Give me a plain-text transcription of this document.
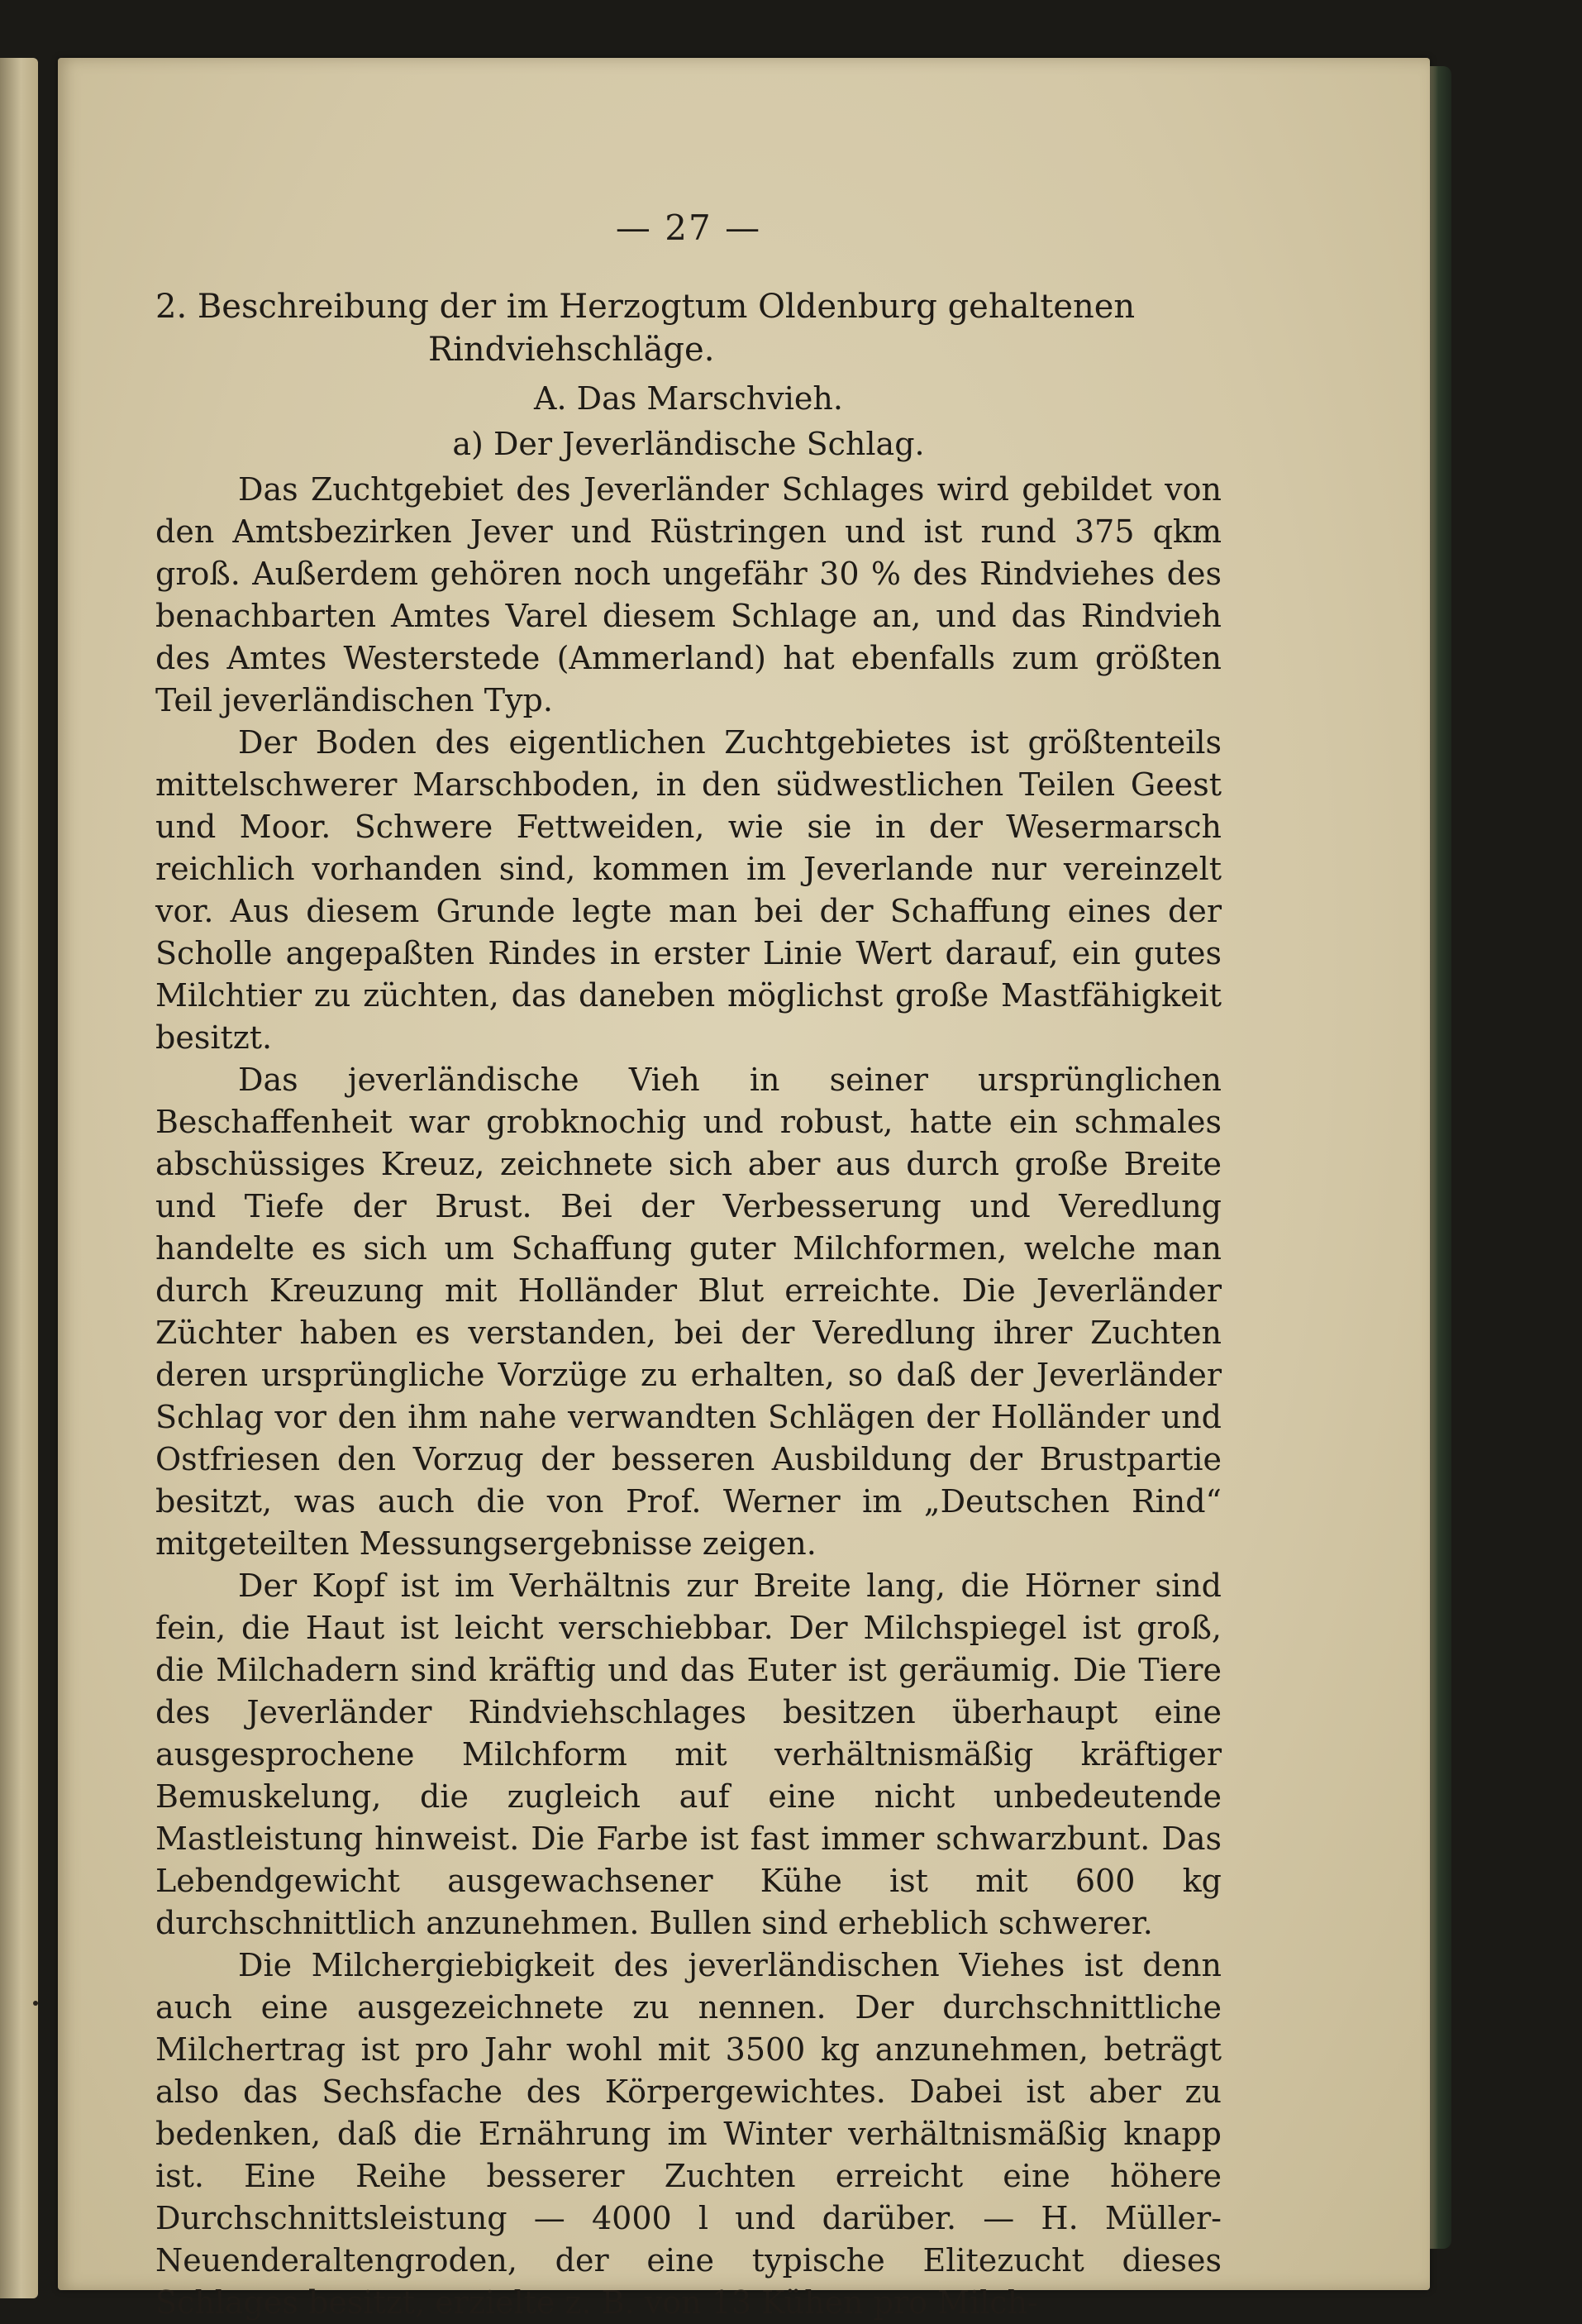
— 27 —
2. Beschreibung der im Herzogtum Oldenburg gehaltenen
Rindviehschläge.
A. Das Marschvieh.
a) Der Jeverländische Schlag.

Das Zuchtgebiet des Jeverländer Schlages wird gebildet von den Amtsbezirken Jever und Rüstringen und ist rund 375 qkm groß. Außerdem gehören noch ungefähr 30 % des Rindviehes des benachbarten Amtes Varel diesem Schlage an, und das Rindvieh des Amtes Westerstede (Ammerland) hat ebenfalls zum größten Teil jeverländischen Typ.

Der Boden des eigentlichen Zuchtgebietes ist größtenteils mittelschwerer Marschboden, in den südwestlichen Teilen Geest und Moor. Schwere Fettweiden, wie sie in der Wesermarsch reichlich vorhanden sind, kommen im Jeverlande nur vereinzelt vor. Aus diesem Grunde legte man bei der Schaffung eines der Scholle angepaßten Rindes in erster Linie Wert darauf, ein gutes Milchtier zu züchten, das daneben möglichst große Mastfähigkeit besitzt.

Das jeverländische Vieh in seiner ursprünglichen Beschaffenheit war grobknochig und robust, hatte ein schmales abschüssiges Kreuz, zeichnete sich aber aus durch große Breite und Tiefe der Brust. Bei der Verbesserung und Veredlung handelte es sich um Schaffung guter Milchformen, welche man durch Kreuzung mit Holländer Blut erreichte. Die Jeverländer Züchter haben es verstanden, bei der Veredlung ihrer Zuchten deren ursprüngliche Vorzüge zu erhalten, so daß der Jeverländer Schlag vor den ihm nahe verwandten Schlägen der Holländer und Ostfriesen den Vorzug der besseren Ausbildung der Brustpartie besitzt, was auch die von Prof. Werner im „Deutschen Rind“ mitgeteilten Messungsergebnisse zeigen.

Der Kopf ist im Verhältnis zur Breite lang, die Hörner sind fein, die Haut ist leicht verschiebbar. Der Milchspiegel ist groß, die Milchadern sind kräftig und das Euter ist geräumig. Die Tiere des Jeverländer Rindviehschlages besitzen überhaupt eine ausgesprochene Milchform mit verhältnismäßig kräftiger Bemuskelung, die zugleich auf eine nicht unbedeutende Mastleistung hinweist. Die Farbe ist fast immer schwarzbunt. Das Lebendgewicht ausgewachsener Kühe ist mit 600 kg durchschnittlich anzunehmen. Bullen sind erheblich schwerer.

Die Milchergiebigkeit des jeverländischen Viehes ist denn auch eine ausgezeichnete zu nennen. Der durchschnittliche Milchertrag ist pro Jahr wohl mit 3500 kg anzunehmen, beträgt also das Sechsfache des Körpergewichtes. Dabei ist aber zu bedenken, daß die Ernährung im Winter verhältnismäßig knapp ist. Eine Reihe besserer Zuchten erreicht eine höhere Durchschnittsleistung — 4000 l und darüber. — H. Müller-Neuenderaltengroden, der eine typische Elitezucht dieses Schlages besitzt, erzielte z. B. von 13 Kühen pro Milch-
